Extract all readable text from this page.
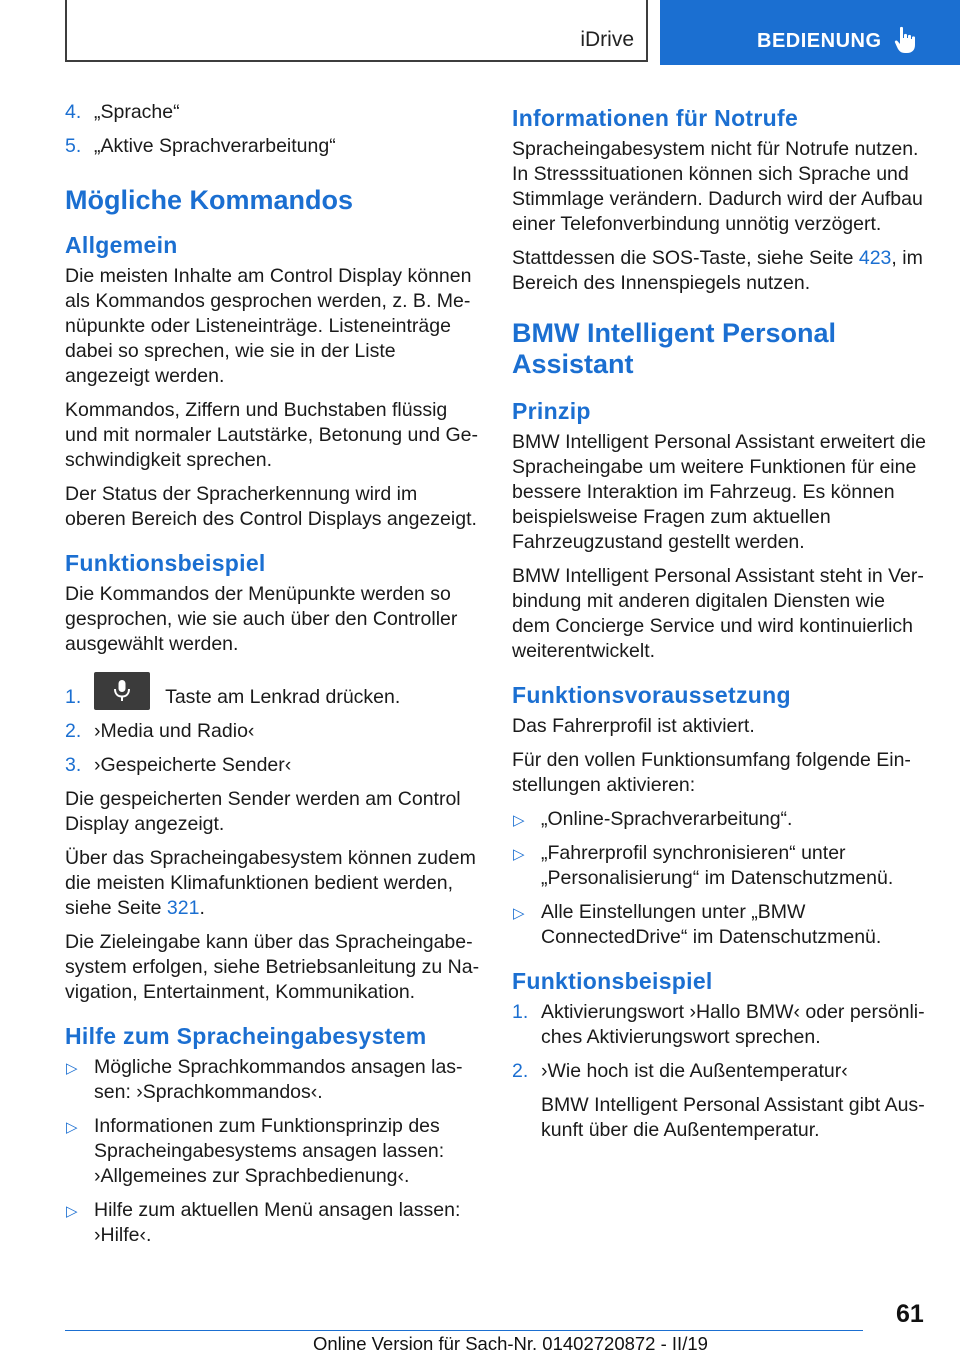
iDrive	BEDIENUNG
4. „Sprache“
5. „Aktive Sprachverarbeitung“
Mögliche Kommandos
Allgemein

Die meisten Inhalte am Control Display können als Kommandos gesprochen werden, z. B. Menüpunkte oder Listeneinträge. Listeneinträge dabei so sprechen, wie sie in der Liste angezeigt werden.

Kommandos, Ziffern und Buchstaben flüssig und mit normaler Lautstärke, Betonung und Geschwindigkeit sprechen.

Der Status der Spracherkennung wird im oberen Bereich des Control Displays angezeigt.

Funktionsbeispiel

Die Kommandos der Menüpunkte werden so gesprochen, wie sie auch über den Controller ausgewählt werden.

1.	Taste am Lenkrad drücken.
2. ›Media und Radio‹
3. ›Gespeicherte Sender‹

Die gespeicherten Sender werden am Control Display angezeigt.

Über das Spracheingabesystem können zudem die meisten Klimafunktionen bedient werden, siehe Seite 321.

Die Zieleingabe kann über das Spracheingabesystem erfolgen, siehe Betriebsanleitung zu Navigation, Entertainment, Kommunikation.

Hilfe zum Spracheingabesystem
▷ Mögliche Sprachkommandos ansagen lassen: ›Sprachkommandos‹.
▷ Informationen zum Funktionsprinzip des Spracheingabesystems ansagen lassen: ›Allgemeines zur Sprachbedienung‹.
▷ Hilfe zum aktuellen Menü ansagen lassen: ›Hilfe‹.
Informationen für Notrufe

Spracheingabesystem nicht für Notrufe nutzen. In Stresssituationen können sich Sprache und Stimmlage verändern. Dadurch wird der Aufbau einer Telefonverbindung unnötig verzögert.

Stattdessen die SOS-Taste, siehe Seite 423, im Bereich des Innenspiegels nutzen.

BMW Intelligent Personal Assistant
Prinzip

BMW Intelligent Personal Assistant erweitert die Spracheingabe um weitere Funktionen für eine bessere Interaktion im Fahrzeug. Es können beispielsweise Fragen zum aktuellen Fahrzeugzustand gestellt werden.

BMW Intelligent Personal Assistant steht in Verbindung mit anderen digitalen Diensten wie dem Concierge Service und wird kontinuierlich weiterentwickelt.

Funktionsvoraussetzung

Das Fahrerprofil ist aktiviert.

Für den vollen Funktionsumfang folgende Einstellungen aktivieren:

▷ „Online-Sprachverarbeitung“.
▷ „Fahrerprofil synchronisieren“ unter „Personalisierung“ im Datenschutzmenü.
▷ Alle Einstellungen unter „BMW ConnectedDrive“ im Datenschutzmenü.
Funktionsbeispiel
1. Aktivierungswort ›Hallo BMW‹ oder persönliches Aktivierungswort sprechen.
2. ›Wie hoch ist die Außentemperatur‹

BMW Intelligent Personal Assistant gibt Auskunft über die Außentemperatur.

61
Online Version für Sach-Nr. 01402720872 - II/19
